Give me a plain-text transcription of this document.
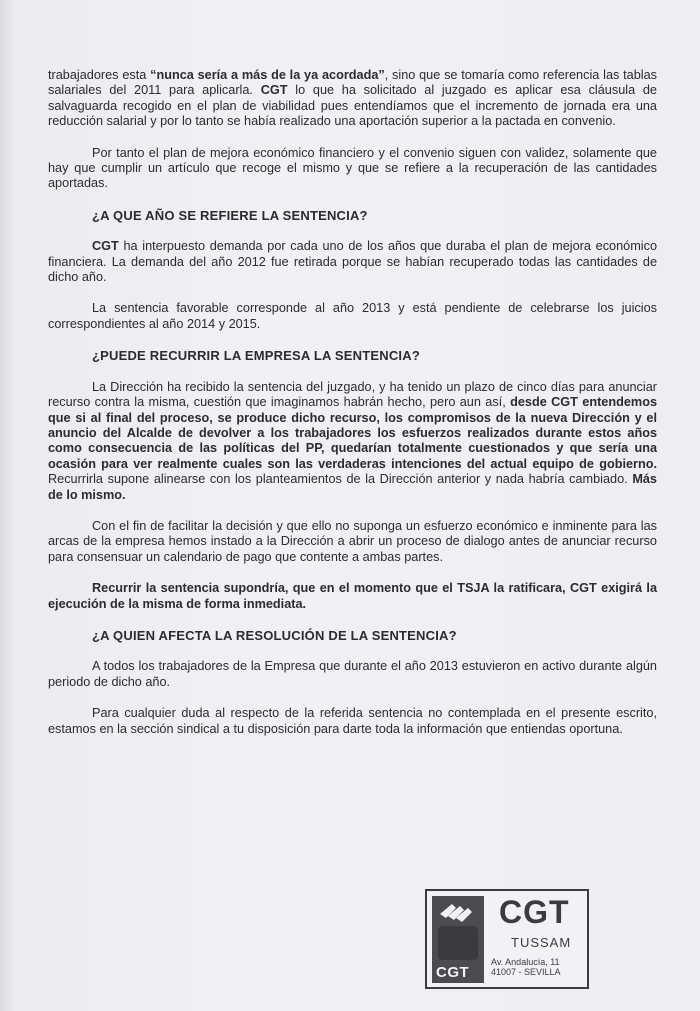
trabajadores esta “nunca sería a más de la ya acordada”, sino que se tomaría como referencia las tablas salariales del 2011 para aplicarla. CGT lo que ha solicitado al juzgado es aplicar esa cláusula de salvaguarda recogido en el plan de viabilidad pues entendíamos que el incremento de jornada era una reducción salarial y por lo tanto se había realizado una aportación superior a la pactada en convenio.

Por tanto el plan de mejora económico financiero y el convenio siguen con validez, solamente que hay que cumplir un artículo que recoge el mismo y que se refiere a la recuperación de las cantidades aportadas.

¿A QUE AÑO SE REFIERE LA SENTENCIA?

CGT ha interpuesto demanda por cada uno de los años que duraba el plan de mejora económico financiera. La demanda del año 2012 fue retirada porque se habían recuperado todas las cantidades de dicho año.

La sentencia favorable corresponde al año 2013 y está pendiente de celebrarse los juicios correspondientes al año 2014 y 2015.

¿PUEDE RECURRIR LA EMPRESA LA SENTENCIA?

La Dirección ha recibido la sentencia del juzgado, y ha tenido un plazo de cinco días para anunciar recurso contra la misma, cuestión que imaginamos habrán hecho, pero aun así, desde CGT entendemos que si al final del proceso, se produce dicho recurso, los compromisos de la nueva Dirección y el anuncio del Alcalde de devolver a los trabajadores los esfuerzos realizados durante estos años como consecuencia de las políticas del PP, quedarían totalmente cuestionados y que sería una ocasión para ver realmente cuales son las verdaderas intenciones del actual equipo de gobierno. Recurrirla supone alinearse con los planteamientos de la Dirección anterior y nada habría cambiado. Más de lo mismo.

Con el fin de facilitar la decisión y que ello no suponga un esfuerzo económico e inminente para las arcas de la empresa hemos instado a la Dirección a abrir un proceso de dialogo antes de anunciar recurso para consensuar un calendario de pago que contente a ambas partes.

Recurrir la sentencia supondría, que en el momento que el TSJA la ratificara, CGT exigirá la ejecución de la misma de forma inmediata.

¿A QUIEN AFECTA LA RESOLUCIÓN DE LA SENTENCIA?

A todos los trabajadores de la Empresa que durante el año 2013 estuvieron en activo durante algún periodo de dicho año.

Para cualquier duda al respecto de la referida sentencia no contemplada en el presente escrito, estamos en la sección sindical a tu disposición para darte toda la información que entiendas oportuna.

CGT
CGT
TUSSAM
Av. Andalucía, 11
41007 - SEVILLA
